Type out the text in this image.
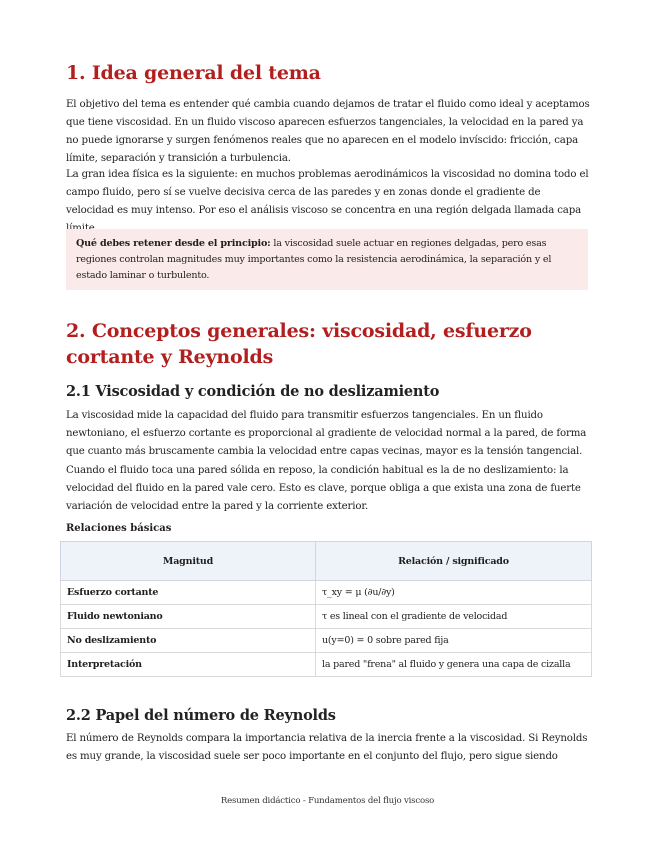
1. Idea general del tema

El objetivo del tema es entender qué cambia cuando dejamos de tratar el fluido como ideal y aceptamos que tiene viscosidad. En un fluido viscoso aparecen esfuerzos tangenciales, la velocidad en la pared ya no puede ignorarse y surgen fenómenos reales que no aparecen en el modelo invíscido: fricción, capa límite, separación y transición a turbulencia.

La gran idea física es la siguiente: en muchos problemas aerodinámicos la viscosidad no domina todo el campo fluido, pero sí se vuelve decisiva cerca de las paredes y en zonas donde el gradiente de velocidad es muy intenso. Por eso el análisis viscoso se concentra en una región delgada llamada capa

Qué debes retener desde el principio: la viscosidad suele actuar en regiones delgadas, pero esas regiones controlan magnitudes muy importantes como la resistencia aerodinámica, la separación y el estado laminar o turbulento.
2. Conceptos generales: viscosidad, esfuerzo cortante y Reynolds
2.1 Viscosidad y condición de no deslizamiento

La viscosidad mide la capacidad del fluido para transmitir esfuerzos tangenciales. En un fluido newtoniano, el esfuerzo cortante es proporcional al gradiente de velocidad normal a la pared, de forma que cuanto más bruscamente cambia la velocidad entre capas vecinas, mayor es la tensión tangencial.

Cuando el fluido toca una pared sólida en reposo, la condición habitual es la de no deslizamiento: la velocidad del fluido en la pared vale cero. Esto es clave, porque obliga a que exista una zona de fuerte variación de velocidad entre la pared y la corriente exterior.

Relaciones básicas
Magnitud	Relación / significado
Esfuerzo cortante	τ_xy = μ (∂u/∂y)
Fluido newtoniano	τ es lineal con el gradiente de velocidad
No deslizamiento	u(y=0) = 0 sobre pared fija
Interpretación	la pared "frena" al fluido y genera una capa de cizalla
2.2 Papel del número de Reynolds

El número de Reynolds compara la importancia relativa de la inercia frente a la viscosidad. Si Reynolds es muy grande, la viscosidad suele ser poco importante en el conjunto del flujo, pero sigue siendo

Resumen didáctico - Fundamentos del flujo viscoso
